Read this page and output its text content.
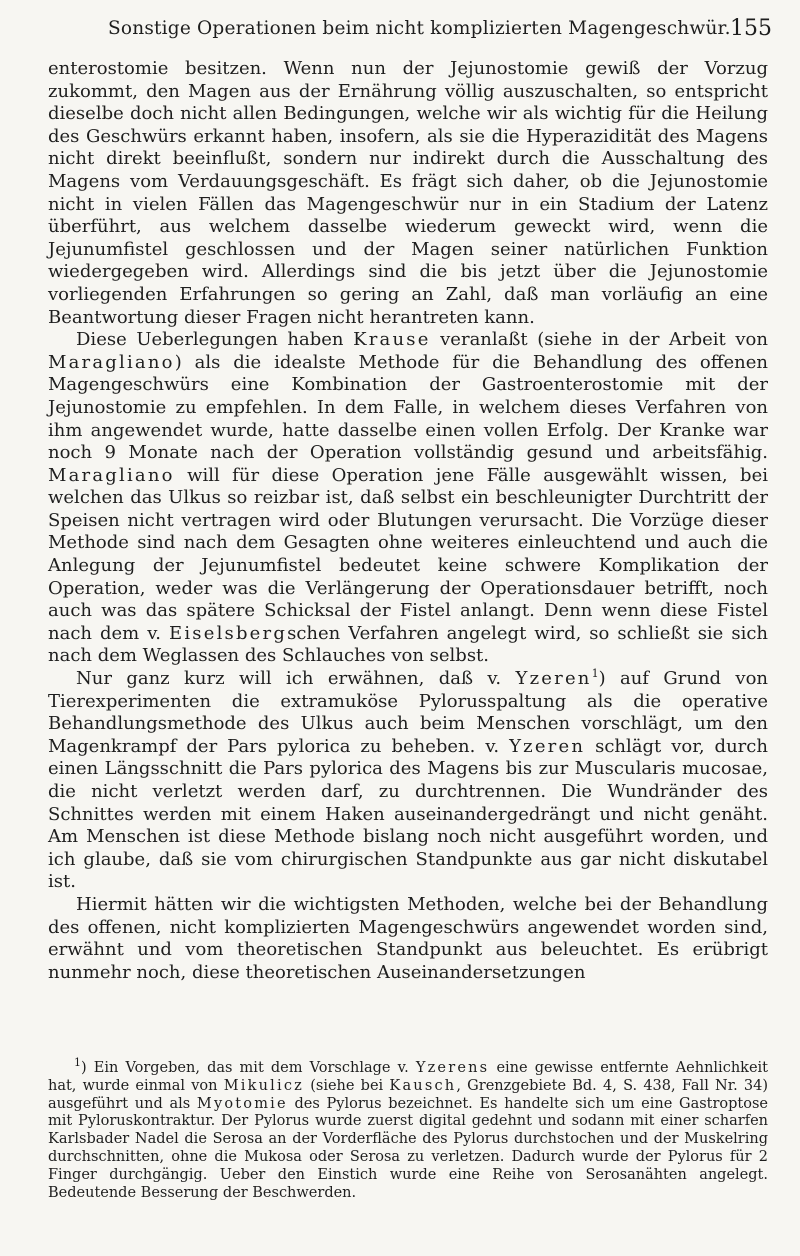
Sonstige Operationen beim nicht komplizierten Magengeschwür. 155

enterostomie besitzen. Wenn nun der Jejunostomie gewiß der Vorzug zukommt, den Magen aus der Ernährung völlig auszuschalten, so entspricht dieselbe doch nicht allen Bedingungen, welche wir als wichtig für die Heilung des Geschwürs erkannt haben, insofern, als sie die Hyperazidität des Magens nicht direkt beeinflußt, sondern nur indirekt durch die Ausschaltung des Magens vom Verdauungsgeschäft. Es frägt sich daher, ob die Jejunostomie nicht in vielen Fällen das Magengeschwür nur in ein Stadium der Latenz überführt, aus welchem dasselbe wiederum geweckt wird, wenn die Jejunumfistel geschlossen und der Magen seiner natürlichen Funktion wiedergegeben wird. Allerdings sind die bis jetzt über die Jejunostomie vorliegenden Erfahrungen so gering an Zahl, daß man vorläufig an eine Beantwortung dieser Fragen nicht herantreten kann.

Diese Ueberlegungen haben Krause veranlaßt (siehe in der Arbeit von Maragliano) als die idealste Methode für die Behandlung des offenen Magengeschwürs eine Kombination der Gastroenterostomie mit der Jejunostomie zu empfehlen. In dem Falle, in welchem dieses Verfahren von ihm angewendet wurde, hatte dasselbe einen vollen Erfolg. Der Kranke war noch 9 Monate nach der Operation vollständig gesund und arbeitsfähig. Maragliano will für diese Operation jene Fälle ausgewählt wissen, bei welchen das Ulkus so reizbar ist, daß selbst ein beschleunigter Durchtritt der Speisen nicht vertragen wird oder Blutungen verursacht. Die Vorzüge dieser Methode sind nach dem Gesagten ohne weiteres einleuchtend und auch die Anlegung der Jejunumfistel bedeutet keine schwere Komplikation der Operation, weder was die Verlängerung der Operationsdauer betrifft, noch auch was das spätere Schicksal der Fistel anlangt. Denn wenn diese Fistel nach dem v. Eiselsbergschen Verfahren angelegt wird, so schließt sie sich nach dem Weglassen des Schlauches von selbst.

Nur ganz kurz will ich erwähnen, daß v. Yzeren$^1$) auf Grund von Tierexperimenten die extramuköse Pylorusspaltung als die operative Behandlungsmethode des Ulkus auch beim Menschen vorschlägt, um den Magenkrampf der Pars pylorica zu beheben. v. Yzeren schlägt vor, durch einen Längsschnitt die Pars pylorica des Magens bis zur Muscularis mucosae, die nicht verletzt werden darf, zu durchtrennen. Die Wundränder des Schnittes werden mit einem Haken auseinandergedrängt und nicht genäht. Am Menschen ist diese Methode bislang noch nicht ausgeführt worden, und ich glaube, daß sie vom chirurgischen Standpunkte aus gar nicht diskutabel ist.

Hiermit hätten wir die wichtigsten Methoden, welche bei der Behandlung des offenen, nicht komplizierten Magengeschwürs angewendet worden sind, erwähnt und vom theoretischen Standpunkt aus beleuchtet. Es erübrigt nunmehr noch, diese theoretischen Auseinandersetzungen

$^1$) Ein Vorgeben, das mit dem Vorschlage v. Yzerens eine gewisse entfernte Aehnlichkeit hat, wurde einmal von Mikulicz (siehe bei Kausch, Grenzgebiete Bd. 4, S. 438, Fall Nr. 34) ausgeführt und als Myotomie des Pylorus bezeichnet. Es handelte sich um eine Gastroptose mit Pyloruskontraktur. Der Pylorus wurde zuerst digital gedehnt und sodann mit einer scharfen Karlsbader Nadel die Serosa an der Vorderfläche des Pylorus durchstochen und der Muskelring durchschnitten, ohne die Mukosa oder Serosa zu verletzen. Dadurch wurde der Pylorus für 2 Finger durchgängig. Ueber den Einstich wurde eine Reihe von Serosanähten angelegt. Bedeutende Besserung der Beschwerden.
